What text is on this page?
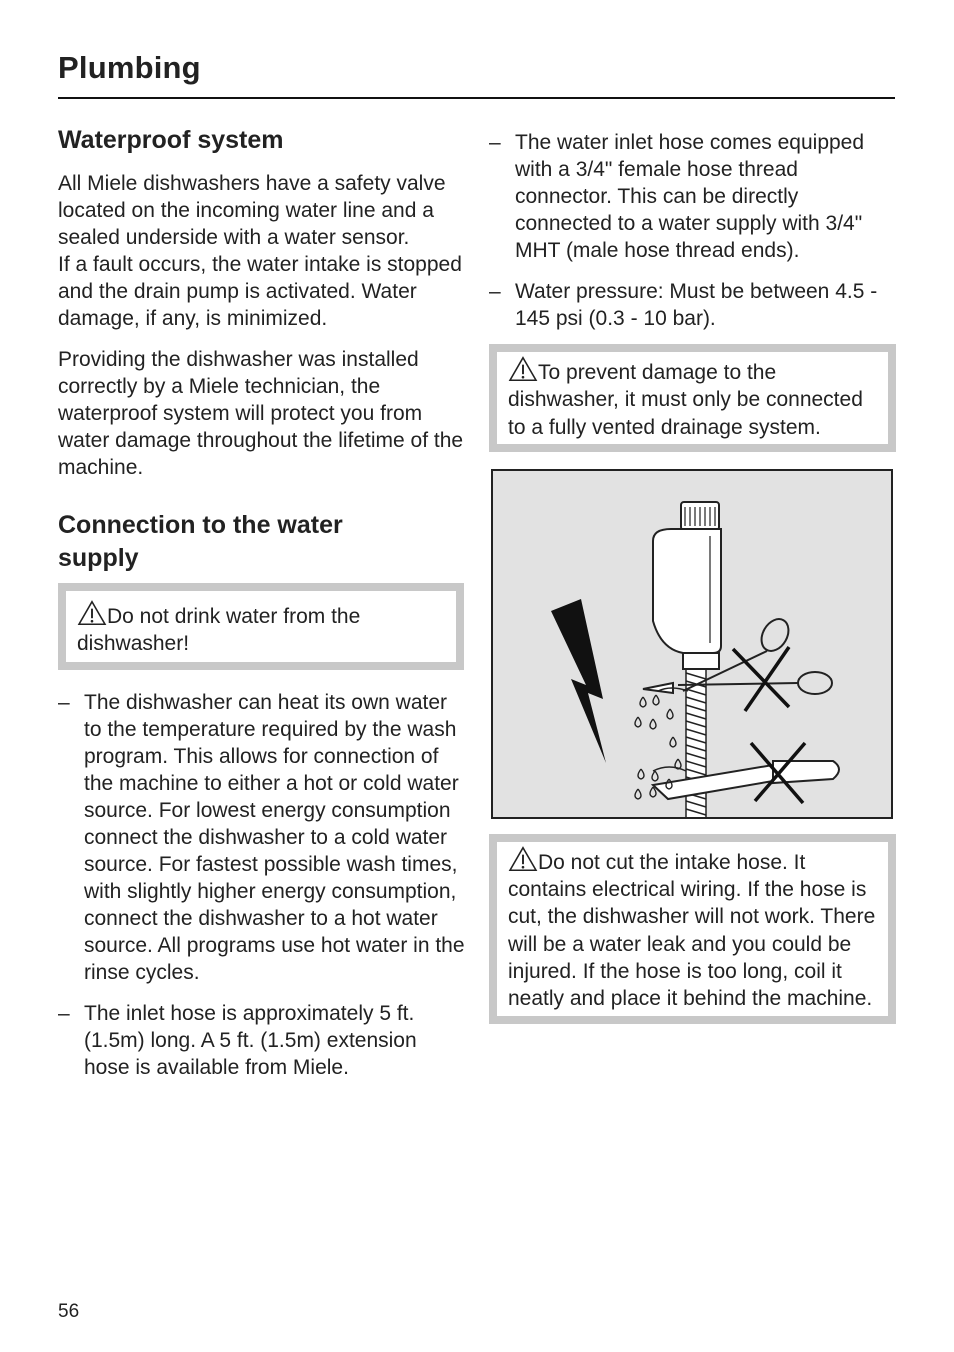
Plumbing
Waterproof system

All Miele dishwashers have a safety valve located on the incoming water line and a sealed underside with a water sensor.

If a fault occurs, the water intake is stopped and the drain pump is activated. Water damage, if any, is minimized.

Providing the dishwasher was installed correctly by a Miele technician, the waterproof system will protect you from water damage throughout the lifetime of the machine.

Connection to the water
supply
Do not drink water from the dishwasher!
– The dishwasher can heat its own water to the temperature required by the wash program. This allows for connection of the machine to either a hot or cold water source. For lowest energy consumption connect the dishwasher to a cold water source. For fastest possible wash times, with slightly higher energy consumption, connect the dishwasher to a hot water source. All programs use hot water in the rinse cycles.
– The inlet hose is approximately 5 ft. (1.5m) long. A 5 ft. (1.5m) extension hose is available from Miele.
– The water inlet hose comes equipped with a 3/4" female hose thread connector. This can be directly connected to a water supply with 3/4" MHT (male hose thread ends).
– Water pressure: Must be between 4.5 - 145 psi (0.3 - 10 bar).
To prevent damage to the dishwasher, it must only be connected to a fully vented drainage system.
Do not cut the intake hose. It contains electrical wiring. If the hose is cut, the dishwasher will not work. There will be a water leak and you could be injured. If the hose is too long, coil it neatly and place it behind the machine.
56
